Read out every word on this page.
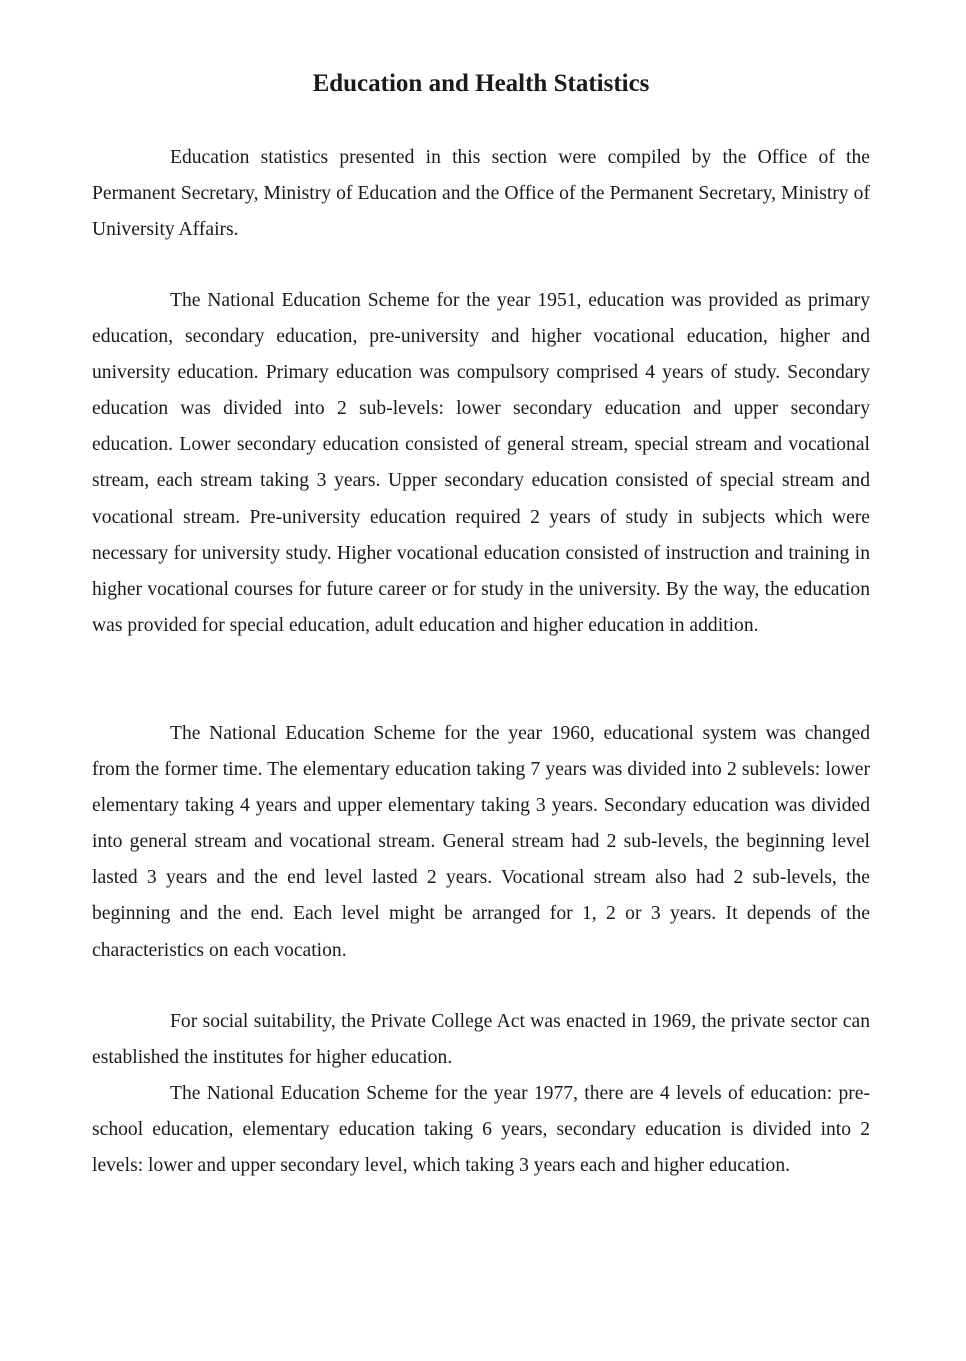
Education and Health Statistics

Education statistics presented in this section were compiled by the Office of the Permanent Secretary, Ministry of Education and the Office of the Permanent Secretary, Ministry of University Affairs.

The National Education Scheme for the year 1951, education was provided as primary education, secondary education, pre-university and higher vocational education, higher and university education. Primary education was compulsory comprised 4 years of study. Secondary education was divided into 2 sub-levels: lower secondary education and upper secondary education. Lower secondary education consisted of general stream, special stream and vocational stream, each stream taking 3 years. Upper secondary education consisted of special stream and vocational stream. Pre-university education required 2 years of study in subjects which were necessary for university study. Higher vocational education consisted of instruction and training in higher vocational courses for future career or for study in the university. By the way, the education was provided for special education, adult education and higher education in addition.

The National Education Scheme for the year 1960, educational system was changed from the former time. The elementary education taking 7 years was divided into 2 sublevels: lower elementary taking 4 years and upper elementary taking 3 years. Secondary education was divided into general stream and vocational stream. General stream had 2 sub-levels, the beginning level lasted 3 years and the end level lasted 2 years. Vocational stream also had 2 sub-levels, the beginning and the end. Each level might be arranged for 1, 2 or 3 years. It depends of the characteristics on each vocation.

For social suitability, the Private College Act was enacted in 1969, the private sector can established the institutes for higher education.

The National Education Scheme for the year 1977, there are 4 levels of education: pre-school education, elementary education taking 6 years, secondary education is divided into 2 levels: lower and upper secondary level, which taking 3 years each and higher education.
